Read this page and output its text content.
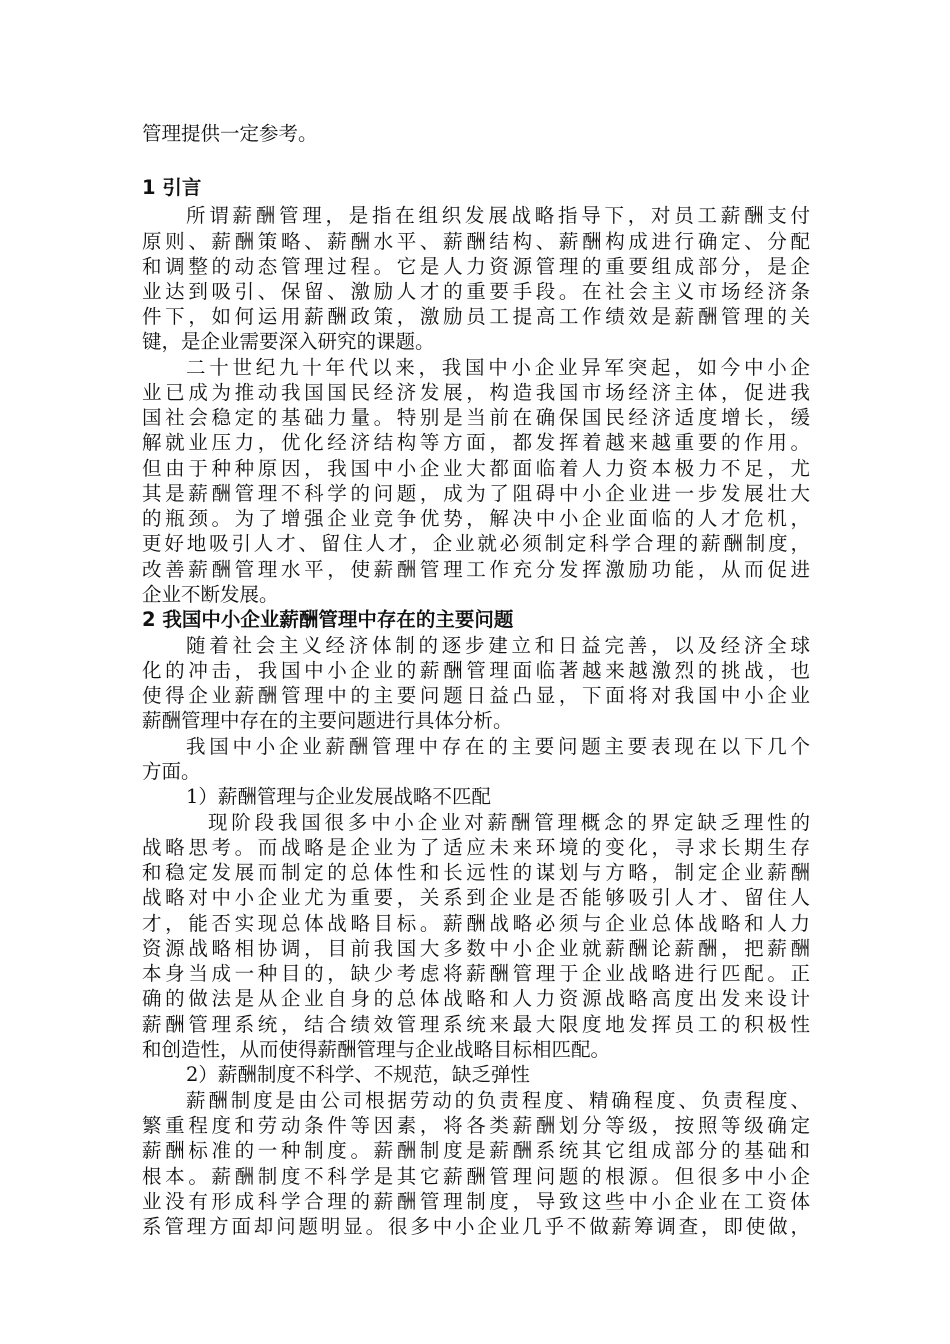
管理提供一定参考。
1 引言
所谓薪酬管理，是指在组织发展战略指导下，对员工薪酬支付
原则、薪酬策略、薪酬水平、薪酬结构、薪酬构成进行确定、分配
和调整的动态管理过程。它是人力资源管理的重要组成部分，是企
业达到吸引、保留、激励人才的重要手段。在社会主义市场经济条
件下，如何运用薪酬政策，激励员工提高工作绩效是薪酬管理的关
键，是企业需要深入研究的课题。
二十世纪九十年代以来，我国中小企业异军突起，如今中小企
业已成为推动我国国民经济发展，构造我国市场经济主体，促进我
国社会稳定的基础力量。特别是当前在确保国民经济适度增长，缓
解就业压力，优化经济结构等方面，都发挥着越来越重要的作用。
但由于种种原因，我国中小企业大都面临着人力资本极力不足，尤
其是薪酬管理不科学的问题，成为了阻碍中小企业进一步发展壮大
的瓶颈。为了增强企业竞争优势，解决中小企业面临的人才危机，
更好地吸引人才、留住人才，企业就必须制定科学合理的薪酬制度，
改善薪酬管理水平，使薪酬管理工作充分发挥激励功能，从而促进
企业不断发展。
2 我国中小企业薪酬管理中存在的主要问题
随着社会主义经济体制的逐步建立和日益完善，以及经济全球
化的冲击，我国中小企业的薪酬管理面临著越来越激烈的挑战，也
使得企业薪酬管理中的主要问题日益凸显，下面将对我国中小企业
薪酬管理中存在的主要问题进行具体分析。
我国中小企业薪酬管理中存在的主要问题主要表现在以下几个
方面。
1）薪酬管理与企业发展战略不匹配
现阶段我国很多中小企业对薪酬管理概念的界定缺乏理性的
战略思考。而战略是企业为了适应未来环境的变化，寻求长期生存
和稳定发展而制定的总体性和长远性的谋划与方略，制定企业薪酬
战略对中小企业尤为重要，关系到企业是否能够吸引人才、留住人
才，能否实现总体战略目标。薪酬战略必须与企业总体战略和人力
资源战略相协调，目前我国大多数中小企业就薪酬论薪酬，把薪酬
本身当成一种目的，缺少考虑将薪酬管理于企业战略进行匹配。正
确的做法是从企业自身的总体战略和人力资源战略高度出发来设计
薪酬管理系统，结合绩效管理系统来最大限度地发挥员工的积极性
和创造性，从而使得薪酬管理与企业战略目标相匹配。
2）薪酬制度不科学、不规范，缺乏弹性
薪酬制度是由公司根据劳动的负责程度、精确程度、负责程度、
繁重程度和劳动条件等因素，将各类薪酬划分等级，按照等级确定
薪酬标准的一种制度。薪酬制度是薪酬系统其它组成部分的基础和
根本。薪酬制度不科学是其它薪酬管理问题的根源。但很多中小企
业没有形成科学合理的薪酬管理制度，导致这些中小企业在工资体
系管理方面却问题明显。很多中小企业几乎不做薪筹调查，即使做，
